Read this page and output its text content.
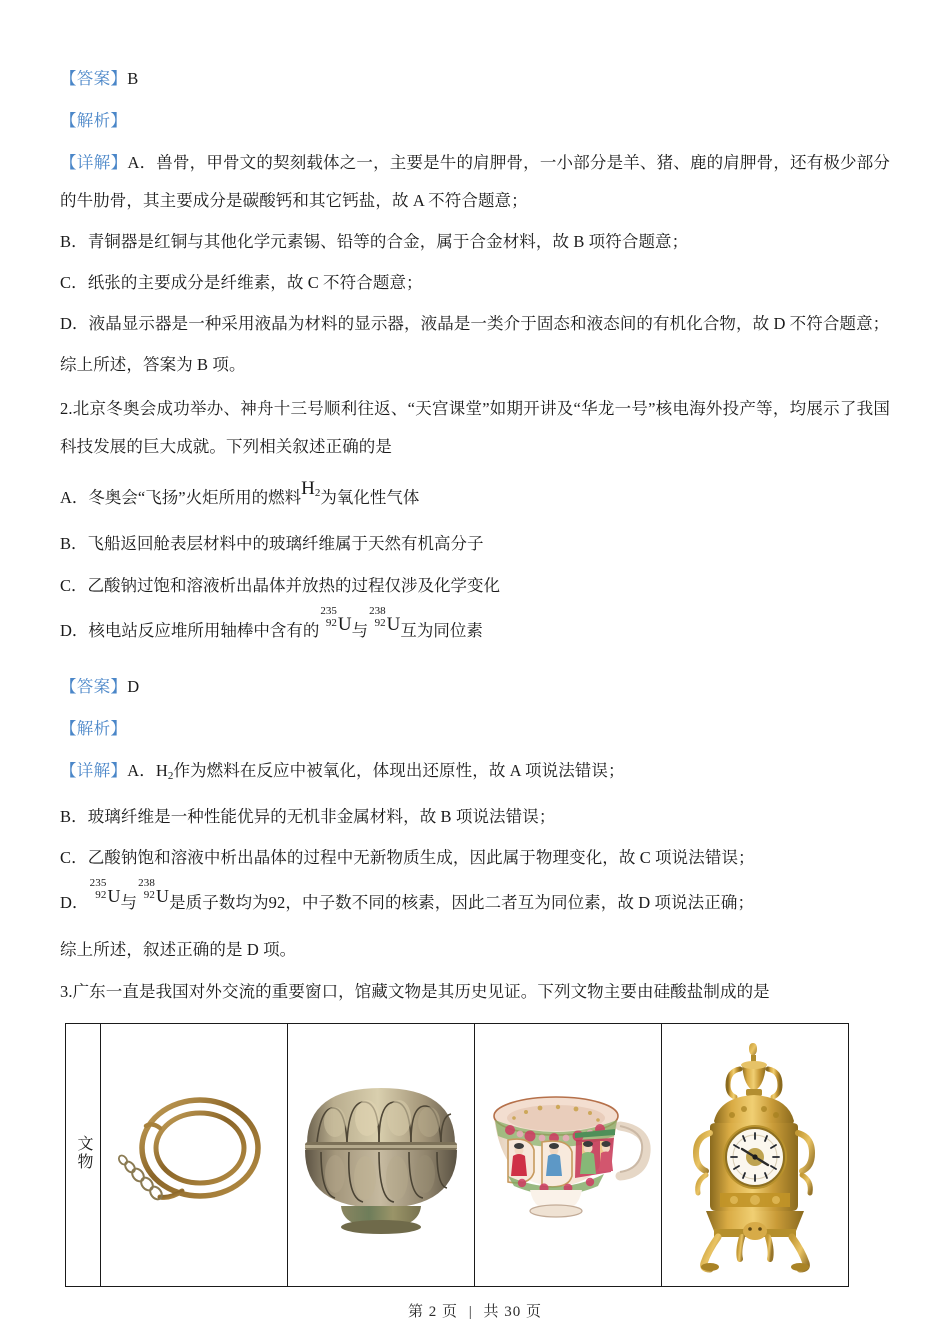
【答案】B

【解析】

【详解】A．兽骨，甲骨文的契刻载体之一，主要是牛的肩胛骨，一小部分是羊、猪、鹿的肩胛骨，还有极少部分的牛肋骨，其主要成分是碳酸钙和其它钙盐，故 A 不符合题意；

B．青铜器是红铜与其他化学元素锡、铅等的合金，属于合金材料，故 B 项符合题意；

C．纸张的主要成分是纤维素，故 C 不符合题意；

D．液晶显示器是一种采用液晶为材料的显示器，液晶是一类介于固态和液态间的有机化合物，故 D 不符合题意；

综上所述，答案为 B 项。

2.北京冬奥会成功举办、神舟十三号顺利往返、“天宫课堂”如期开讲及“华龙一号”核电海外投产等，均展示了我国科技发展的巨大成就。下列相关叙述正确的是

A．冬奥会“飞扬”火炬所用的燃料$H_2$为氧化性气体

B．飞船返回舱表层材料中的玻璃纤维属于天然有机高分子

C．乙酸钠过饱和溶液析出晶体并放热的过程仅涉及化学变化

D．核电站反应堆所用轴棒中含有的
235
92 U与
238
92 U互为同位素

【答案】D

【解析】

【详解】A．H2作为燃料在反应中被氧化，体现出还原性，故 A 项说法错误；

B．玻璃纤维是一种性能优异的无机非金属材料，故 B 项说法错误；

C．乙酸钠饱和溶液中析出晶体的过程中无新物质生成，因此属于物理变化，故 C 项说法错误；

D．
235
92 U与
238
92 U是质子数均为92，中子数不同的核素，因此二者互为同位素，故 D 项说法正确；

综上所述，叙述正确的是 D 项。

3.广东一直是我国对外交流的重要窗口，馆藏文物是其历史见证。下列文物主要由硅酸盐制成的是

文物	

第 2 页 | 共 30 页
